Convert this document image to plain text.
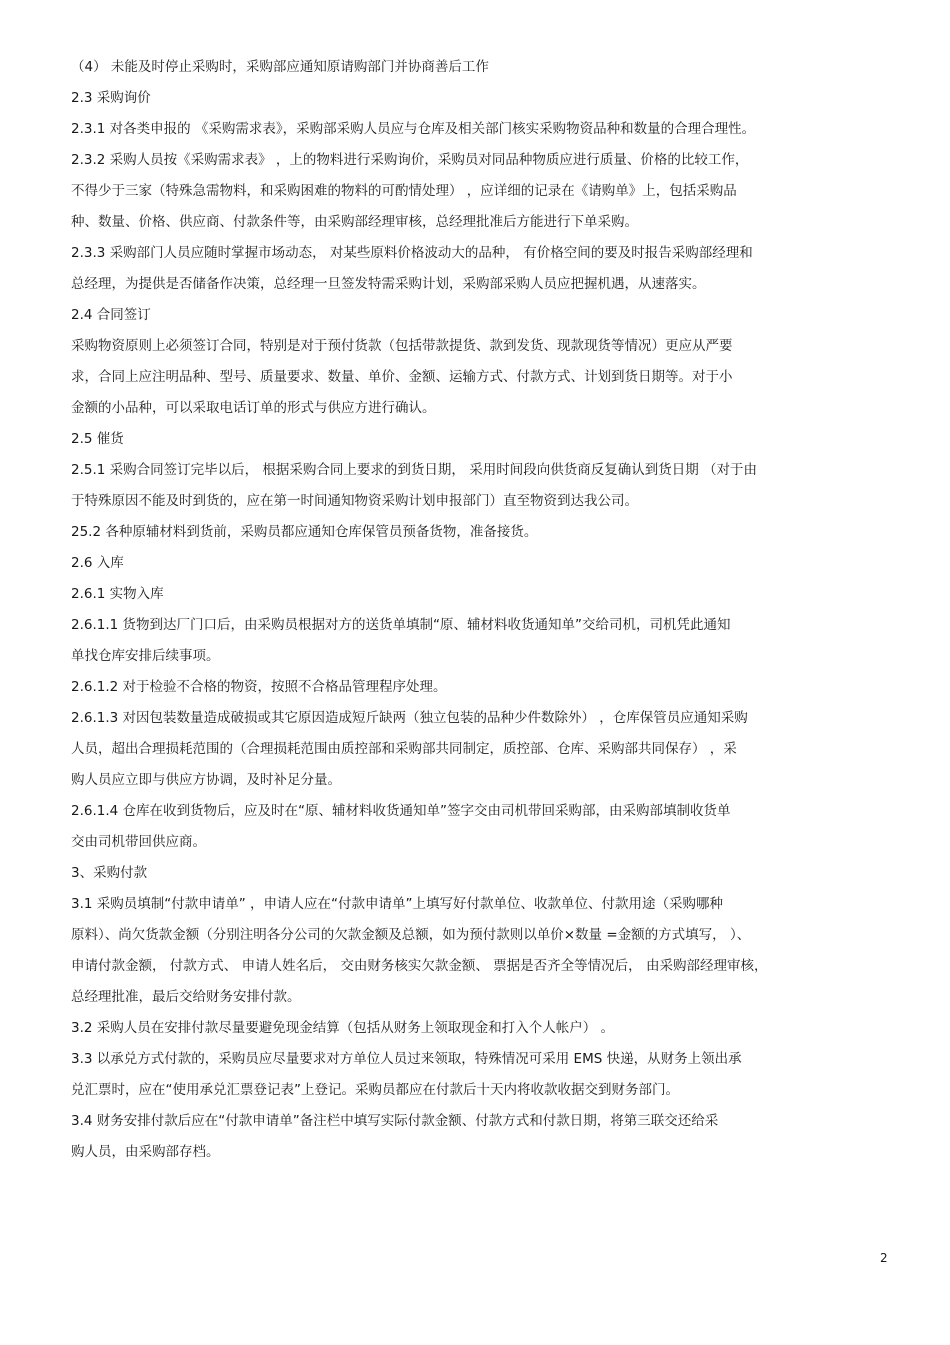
（4） 未能及时停止采购时，采购部应通知原请购部门并协商善后工作
2.3 采购询价
2.3.1 对各类申报的 《采购需求表》，采购部采购人员应与仓库及相关部门核实采购物资品种和数量的合理合理性。
2.3.2 采购人员按《采购需求表》 ，上的物料进行采购询价，采购员对同品种物质应进行质量、价格的比较工作，
不得少于三家（特殊急需物料，和采购困难的物料的可酌情处理） ，应详细的记录在《请购单》上，包括采购品
种、数量、价格、供应商、付款条件等，由采购部经理审核，总经理批准后方能进行下单采购。
2.3.3 采购部门人员应随时掌握市场动态， 对某些原料价格波动大的品种， 有价格空间的要及时报告采购部经理和
总经理，为提供是否储备作决策，总经理一旦签发特需采购计划，采购部采购人员应把握机遇，从速落实。
2.4 合同签订
采购物资原则上必须签订合同，特别是对于预付货款（包括带款提货、款到发货、现款现货等情况）更应从严要
求，合同上应注明品种、型号、质量要求、数量、单价、金额、运输方式、付款方式、计划到货日期等。对于小
金额的小品种，可以采取电话订单的形式与供应方进行确认。
2.5 催货
2.5.1 采购合同签订完毕以后， 根据采购合同上要求的到货日期， 采用时间段向供货商反复确认到货日期 （对于由
于特殊原因不能及时到货的，应在第一时间通知物资采购计划申报部门）直至物资到达我公司。
25.2 各种原辅材料到货前，采购员都应通知仓库保管员预备货物，准备接货。
2.6 入库
2.6.1 实物入库
2.6.1.1 货物到达厂门口后，由采购员根据对方的送货单填制“原、辅材料收货通知单”交给司机，司机凭此通知
单找仓库安排后续事项。
2.6.1.2 对于检验不合格的物资，按照不合格品管理程序处理。
2.6.1.3 对因包装数量造成破损或其它原因造成短斤缺两（独立包装的品种少件数除外） ，仓库保管员应通知采购
人员，超出合理损耗范围的（合理损耗范围由质控部和采购部共同制定，质控部、仓库、采购部共同保存） ，采
购人员应立即与供应方协调，及时补足分量。
2.6.1.4 仓库在收到货物后，应及时在“原、辅材料收货通知单”签字交由司机带回采购部，由采购部填制收货单
交由司机带回供应商。
3、采购付款
3.1 采购员填制“付款申请单” ，申请人应在“付款申请单”上填写好付款单位、收款单位、付款用途（采购哪种
原料）、尚欠货款金额（分别注明各分公司的欠款金额及总额，如为预付款则以单价×数量 =金额的方式填写， ）、
申请付款金额， 付款方式、 申请人姓名后， 交由财务核实欠款金额、 票据是否齐全等情况后， 由采购部经理审核，
总经理批准，最后交给财务安排付款。
3.2 采购人员在安排付款尽量要避免现金结算（包括从财务上领取现金和打入个人帐户） 。
3.3 以承兑方式付款的，采购员应尽量要求对方单位人员过来领取，特殊情况可采用 EMS 快递，从财务上领出承
兑汇票时，应在“使用承兑汇票登记表”上登记。采购员都应在付款后十天内将收款收据交到财务部门。
3.4 财务安排付款后应在“付款申请单”备注栏中填写实际付款金额、付款方式和付款日期，将第三联交还给采
购人员，由采购部存档。
2
